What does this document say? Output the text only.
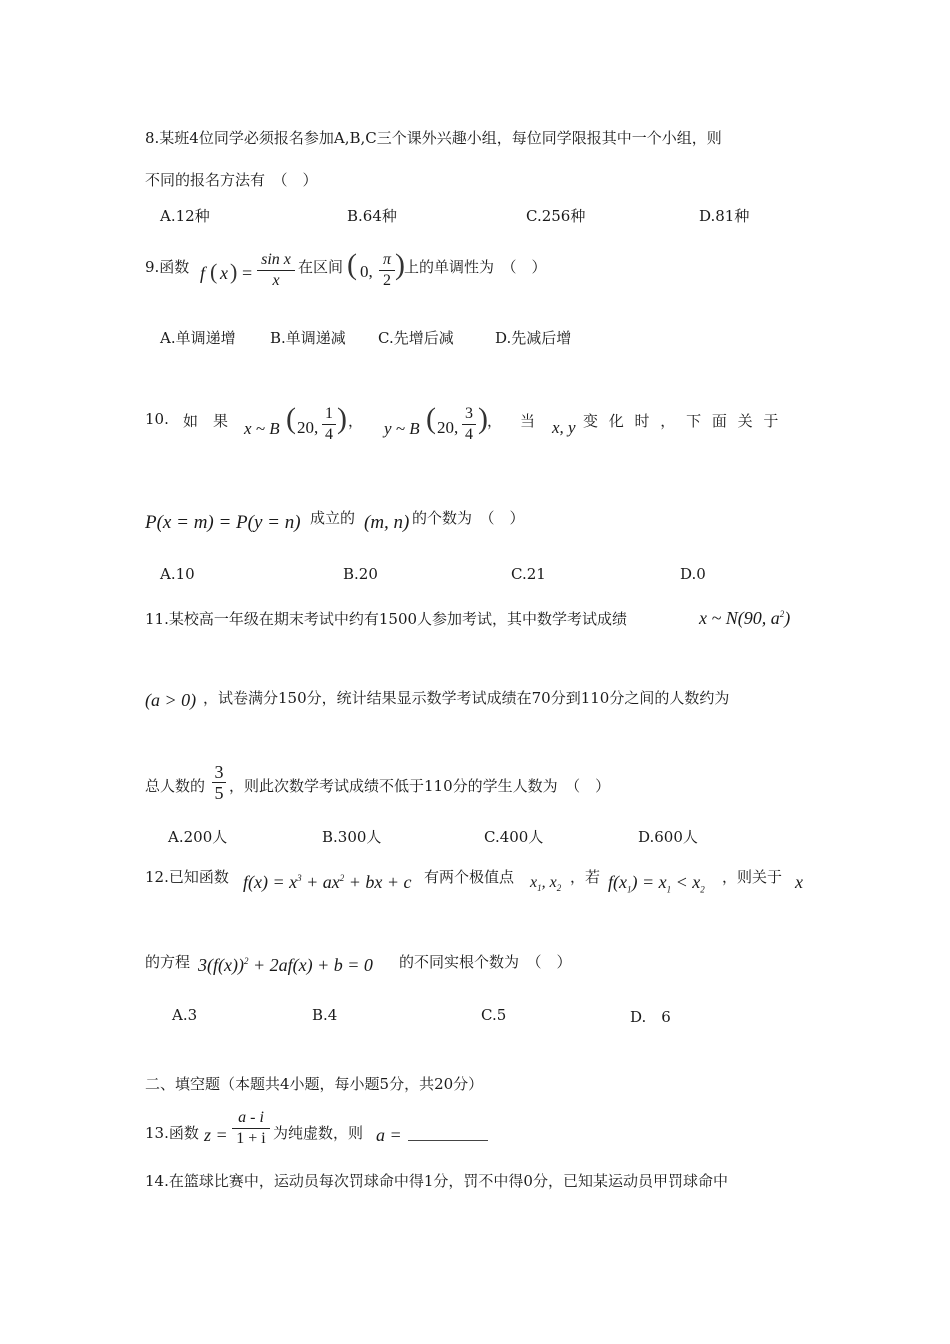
8.某班4位同学必须报名参加A,B,C三个课外兴趣小组，每位同学限报其中一个小组，则
不同的报名方法有　（　）
A.12种	B.64种	C.256种	D.81种
9.函数 f ( x ) =
sin x
x
在区间 ( 0,
π
2 ) 上的单调性为　（　）
A.单调递增 B.单调递减 C.先增后减	D.先减后增
10. 如 果 x ~ B ( 20,
1
4 ) ， y ~ B ( 20,
3
4 ) ， 当 x, y 变 化 时 ， 下 面 关 于
P(x = m) = P(y = n) 成立的 (m, n) 的个数为　（　）
A.10	B.20	C.21	D.0
11.某校高一年级在期末考试中约有1500人参加考试，其中数学考试成绩	x ~ N(90, $a^2$)
(a > 0) ，试卷满分150分，统计结果显示数学考试成绩在70分到110分之间的人数约为
总人数的
3
5 ，则此次数学考试成绩不低于110分的学生人数为　（　）
A.200人	B.300人	C.400人	D.600人
12.已知函数 $f(x) = x^3 + ax^2$ + bx + c 有两个极值点 $x_1$, $x_2$
，若 $f(x_1) = x_1 < x_2$
，则关于 x
的方程 $3(f(x))^2 + 2af(x) + b = 0$ 的不同实根个数为　（　）
A.3	B.4	C.5	D.　6
二、填空题（本题共4小题，每小题5分，共20分）
13.函数 z =
a - i
1 + i 为纯虚数，则 a =
14.在篮球比赛中，运动员每次罚球命中得1分，罚不中得0分，已知某运动员甲罚球命中
